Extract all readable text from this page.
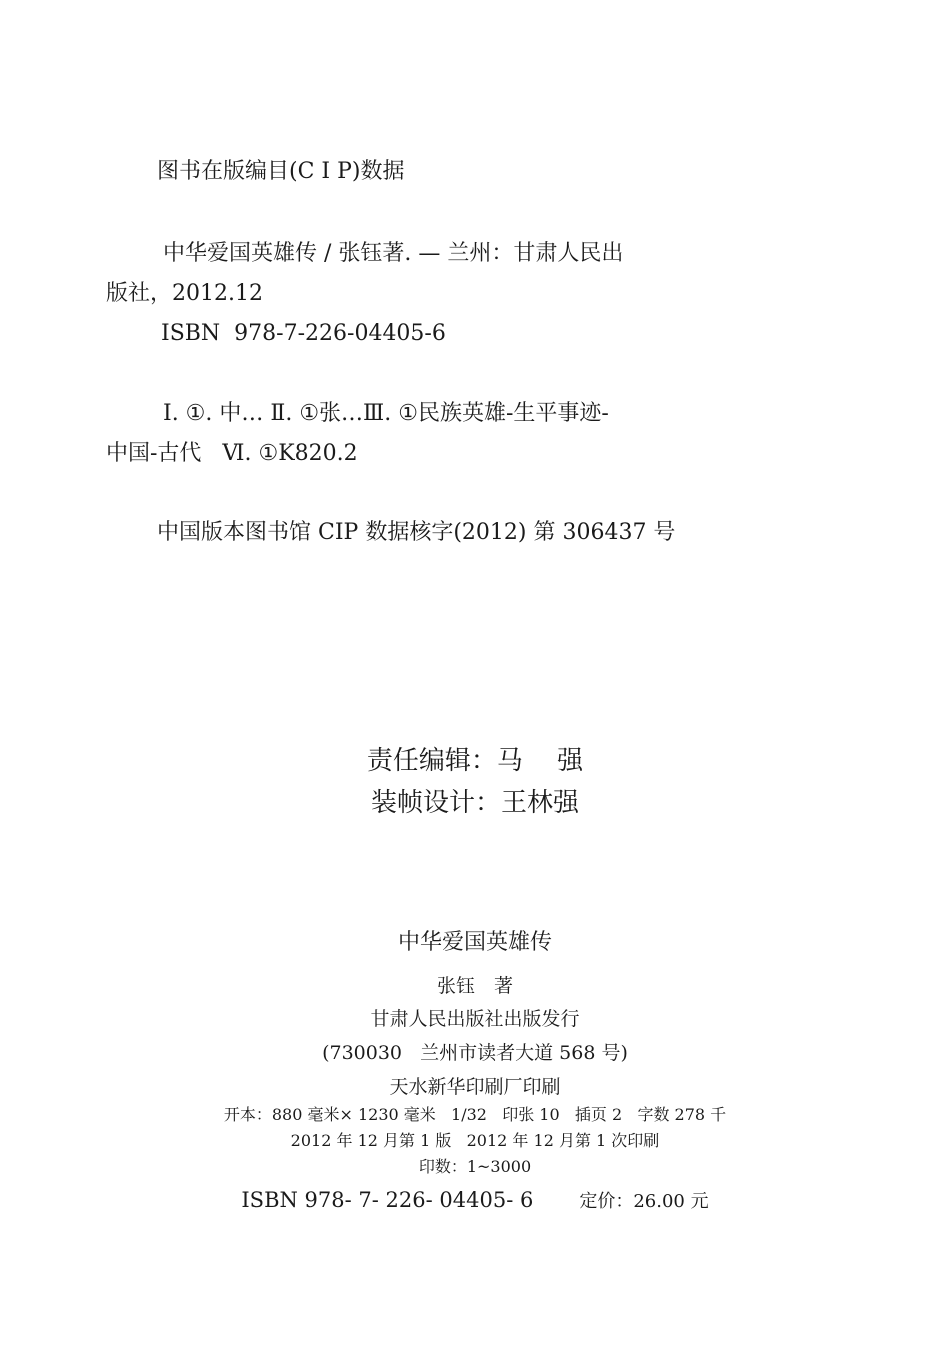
图书在版编目(C I P)数据
中华爱国英雄传 / 张钰著. — 兰州：甘肃人民出
版社，2012.12
ISBN  978-7-226-04405-6
Ⅰ. ①. 中… Ⅱ. ①张…Ⅲ. ①民族英雄-生平事迹-
中国-古代   Ⅵ. ①K820.2
中国版本图书馆 CIP 数据核字(2012) 第 306437 号
责任编辑：马　 强
装帧设计：王林强
中华爱国英雄传
张钰　著
甘肃人民出版社出版发行
(730030   兰州市读者大道 568 号)
天水新华印刷厂印刷
开本：880 毫米× 1230 毫米   1/32   印张 10   插页 2   字数 278 千
2012 年 12 月第 1 版   2012 年 12 月第 1 次印刷
印数：1~3000
ISBN 978- 7- 226- 04405- 6	定价：26.00 元
